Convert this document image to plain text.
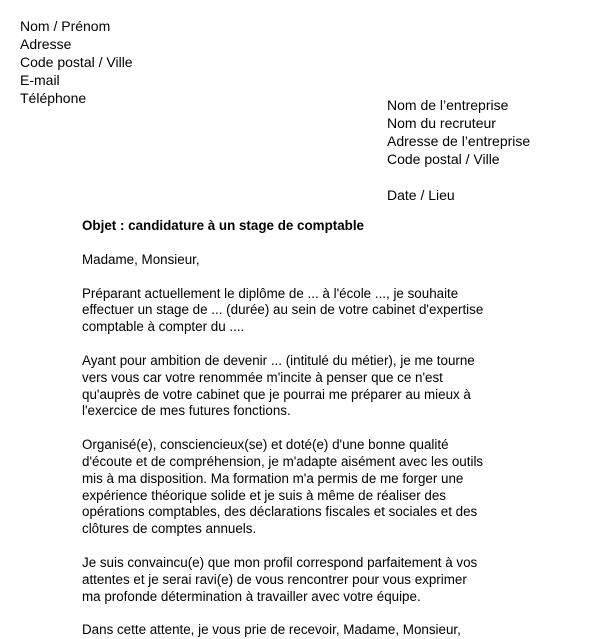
Nom / Prénom
Adresse
Code postal / Ville
E-mail
Téléphone	Nom de l’entreprise
Nom du recruteur
Adresse de l’entreprise
Code postal / Ville
Date / Lieu
Objet : candidature à un stage de comptable
Madame, Monsieur,
Préparant actuellement le diplôme de ... à l'école ..., je souhaite
effectuer un stage de ... (durée) au sein de votre cabinet d'expertise
comptable à compter du ....
Ayant pour ambition de devenir ... (intitulé du métier), je me tourne
vers vous car votre renommée m'incite à penser que ce n'est
qu'auprès de votre cabinet que je pourrai me préparer au mieux à
l'exercice de mes futures fonctions.
Organisé(e), consciencieux(se) et doté(e) d'une bonne qualité
d'écoute et de compréhension, je m'adapte aisément avec les outils
mis à ma disposition. Ma formation m'a permis de me forger une
expérience théorique solide et je suis à même de réaliser des
opérations comptables, des déclarations fiscales et sociales et des
clôtures de comptes annuels.
Je suis convaincu(e) que mon profil correspond parfaitement à vos
attentes et je serai ravi(e) de vous rencontrer pour vous exprimer
ma profonde détermination à travailler avec votre équipe.
Dans cette attente, je vous prie de recevoir, Madame, Monsieur,
